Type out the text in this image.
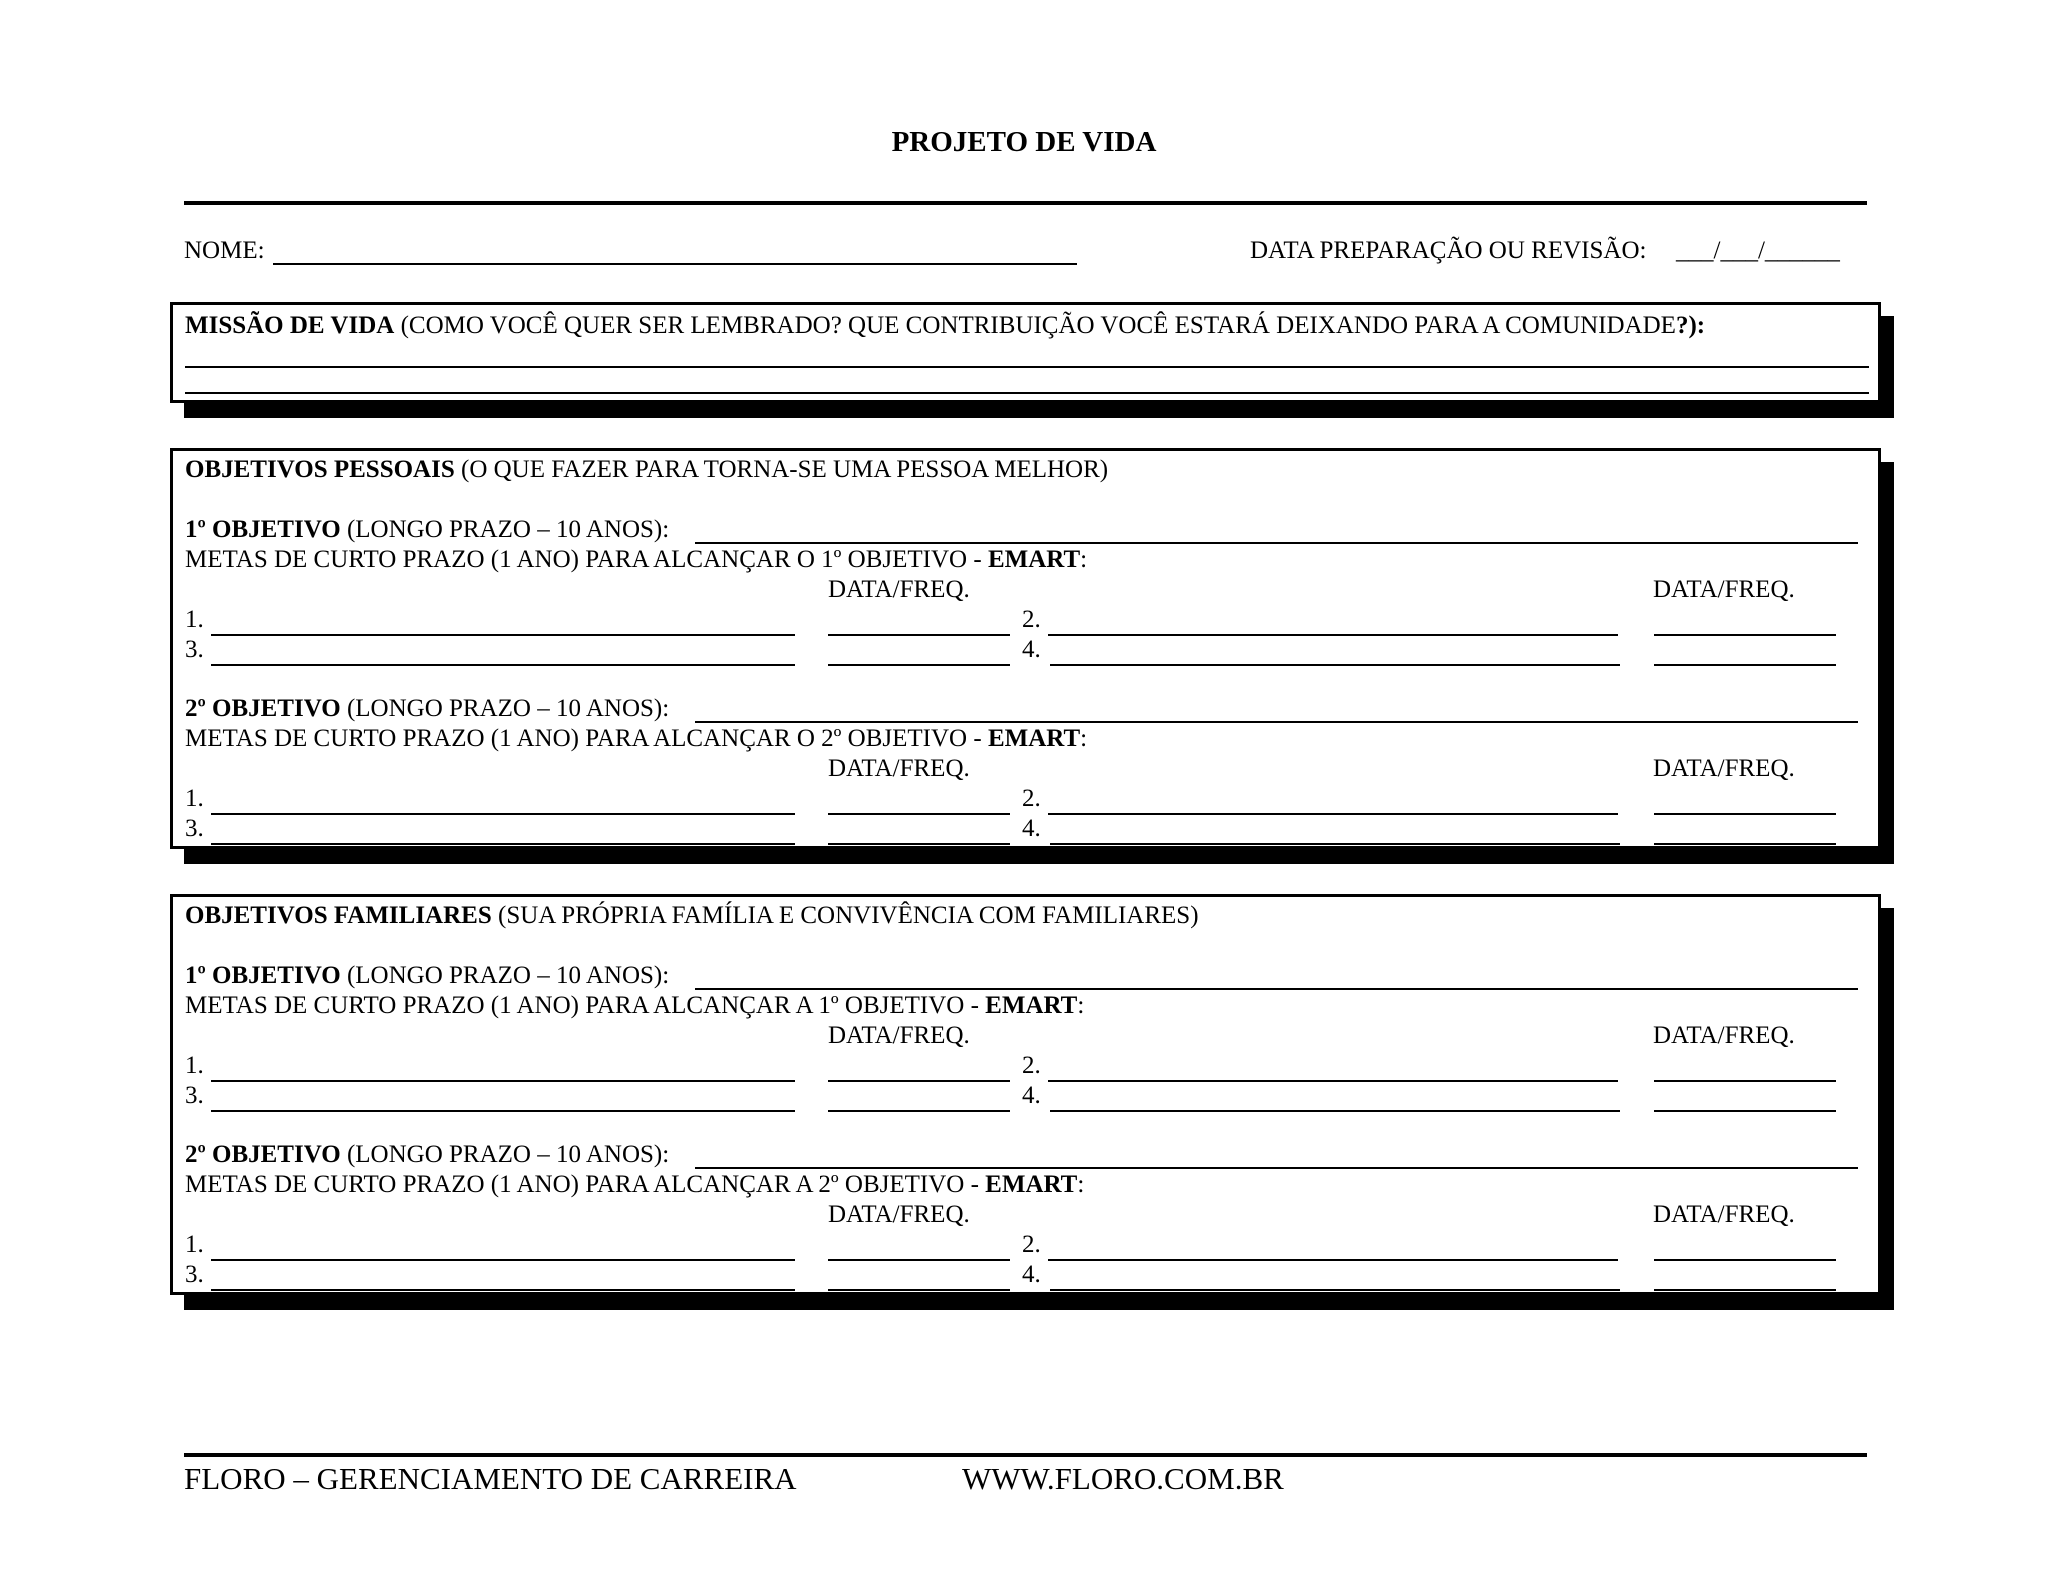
PROJETO DE VIDA
NOME:	DATA PREPARAÇÃO OU REVISÃO: ___/___/______
MISSÃO DE VIDA (COMO VOCÊ QUER SER LEMBRADO? QUE CONTRIBUIÇÃO VOCÊ ESTARÁ DEIXANDO PARA A COMUNIDADE?):
OBJETIVOS PESSOAIS (O QUE FAZER PARA TORNA-SE UMA PESSOA MELHOR)
1º OBJETIVO (LONGO PRAZO – 10 ANOS):
METAS DE CURTO PRAZO (1 ANO) PARA ALCANÇAR O 1º OBJETIVO - EMART:
DATA/FREQ.	DATA/FREQ.
1.	2.
3.	4.
2º OBJETIVO (LONGO PRAZO – 10 ANOS):
METAS DE CURTO PRAZO (1 ANO) PARA ALCANÇAR O 2º OBJETIVO - EMART:
DATA/FREQ.	DATA/FREQ.
1.	2.
3.	4.
OBJETIVOS FAMILIARES (SUA PRÓPRIA FAMÍLIA E CONVIVÊNCIA COM FAMILIARES)
1º OBJETIVO (LONGO PRAZO – 10 ANOS):
METAS DE CURTO PRAZO (1 ANO) PARA ALCANÇAR A 1º OBJETIVO - EMART:
DATA/FREQ.	DATA/FREQ.
1.	2.
3.	4.
2º OBJETIVO (LONGO PRAZO – 10 ANOS):
METAS DE CURTO PRAZO (1 ANO) PARA ALCANÇAR A 2º OBJETIVO - EMART:
DATA/FREQ.	DATA/FREQ.
1.	2.
3.	4.
FLORO – GERENCIAMENTO DE CARREIRA	WWW.FLORO.COM.BR
